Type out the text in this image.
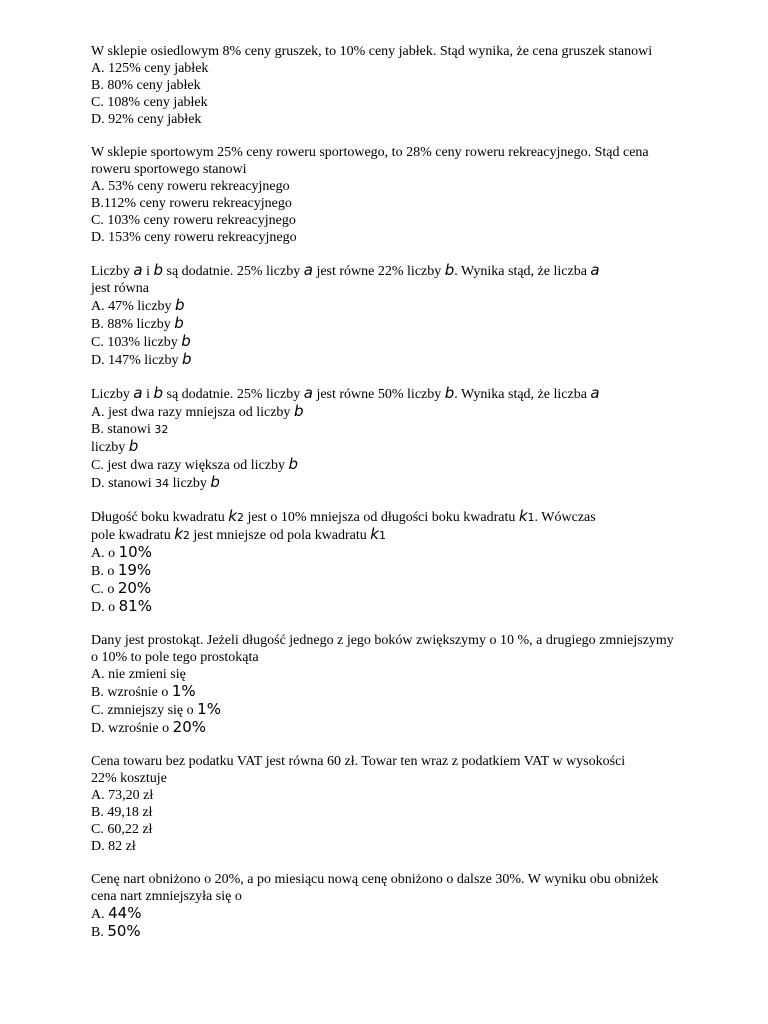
W sklepie osiedlowym 8% ceny gruszek, to 10% ceny jabłek. Stąd wynika, że cena gruszek stanowi
A. 125% ceny jabłek
B. 80% ceny jabłek
C. 108% ceny jabłek
D. 92% ceny jabłek
W sklepie sportowym 25% ceny roweru sportowego, to 28% ceny roweru rekreacyjnego. Stąd cena roweru sportowego stanowi
A. 53% ceny roweru rekreacyjnego
B.112% ceny roweru rekreacyjnego
C. 103% ceny roweru rekreacyjnego
D. 153% ceny roweru rekreacyjnego
Liczby a i b są dodatnie. 25% liczby a jest równe 22% liczby b. Wynika stąd, że liczba a
jest równa
A. 47% liczby b
B. 88% liczby b
C. 103% liczby b
D. 147% liczby b
Liczby a i b są dodatnie. 25% liczby a jest równe 50% liczby b. Wynika stąd, że liczba a
A. jest dwa razy mniejsza od liczby b
B. stanowi 32
liczby b
C. jest dwa razy większa od liczby b
D. stanowi 34 liczby b
Długość boku kwadratu k2 jest o 10% mniejsza od długości boku kwadratu k1. Wówczas
pole kwadratu k2 jest mniejsze od pola kwadratu k1
A. o 10%
B. o 19%
C. o 20%
D. o 81%
Dany jest prostokąt. Jeżeli długość jednego z jego boków zwiększymy o 10 %, a drugiego zmniejszymy o 10% to pole tego prostokąta
A. nie zmieni się
B. wzrośnie o 1%
C. zmniejszy się o 1%
D. wzrośnie o 20%
Cena towaru bez podatku VAT jest równa 60 zł. Towar ten wraz z podatkiem VAT w wysokości 22% kosztuje
A. 73,20 zł
B. 49,18 zł
C. 60,22 zł
D. 82 zł
Cenę nart obniżono o 20%, a po miesiącu nową cenę obniżono o dalsze 30%. W wyniku obu obniżek cena nart zmniejszyła się o
A. 44%
B. 50%
